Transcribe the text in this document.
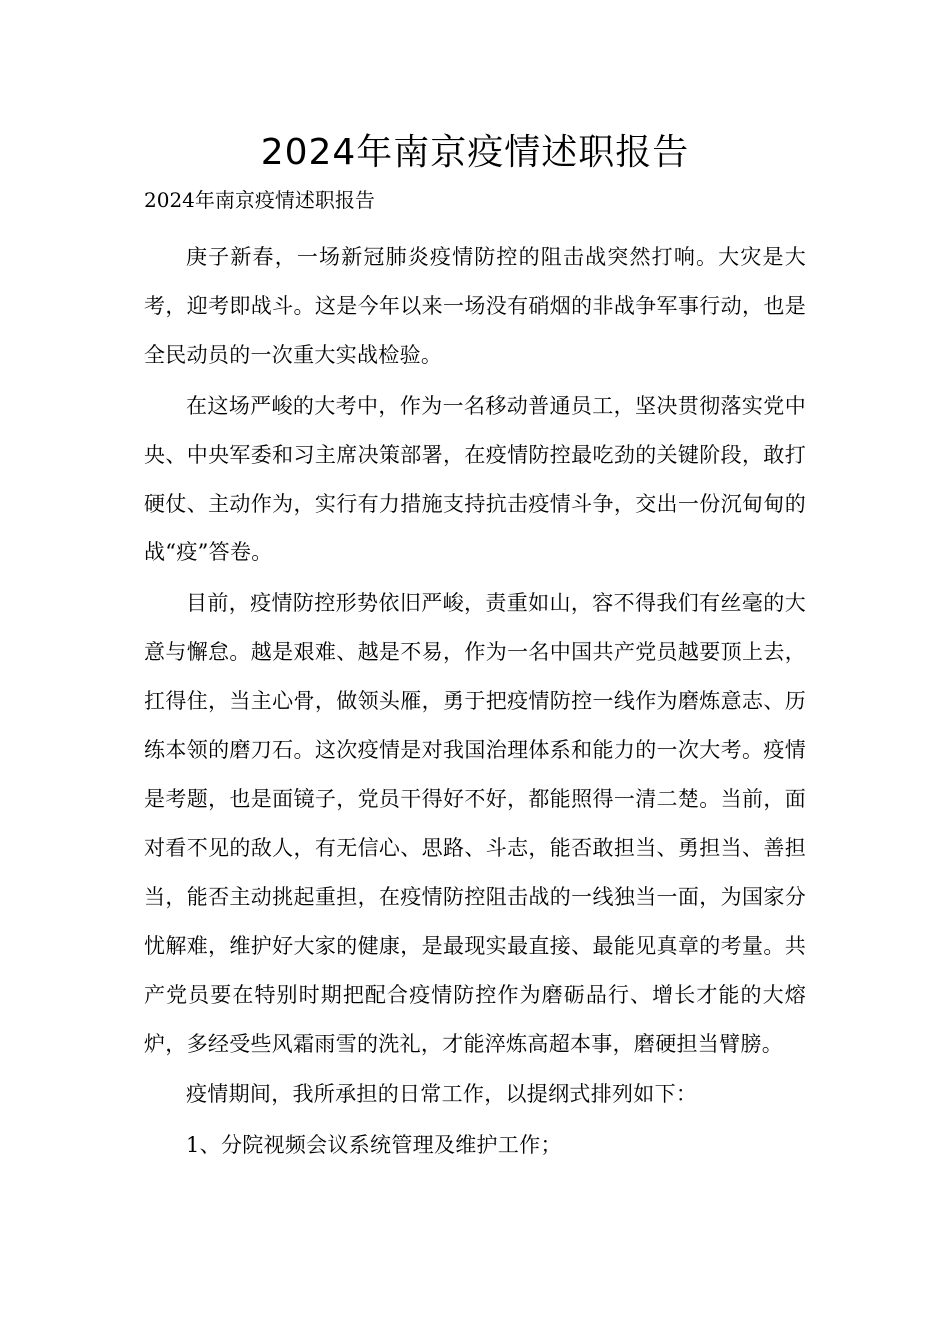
2024年南京疫情述职报告

2024年南京疫情述职报告

庚子新春，一场新冠肺炎疫情防控的阻击战突然打响。大灾是大考，迎考即战斗。这是今年以来一场没有硝烟的非战争军事行动，也是全民动员的一次重大实战检验。

在这场严峻的大考中，作为一名移动普通员工，坚决贯彻落实党中央、中央军委和习主席决策部署，在疫情防控最吃劲的关键阶段，敢打硬仗、主动作为，实行有力措施支持抗击疫情斗争，交出一份沉甸甸的战“疫”答卷。

目前，疫情防控形势依旧严峻，责重如山，容不得我们有丝毫的大意与懈怠。越是艰难、越是不易，作为一名中国共产党员越要顶上去，扛得住，当主心骨，做领头雁，勇于把疫情防控一线作为磨炼意志、历练本领的磨刀石。这次疫情是对我国治理体系和能力的一次大考。疫情是考题，也是面镜子，党员干得好不好，都能照得一清二楚。当前，面对看不见的敌人，有无信心、思路、斗志，能否敢担当、勇担当、善担当，能否主动挑起重担，在疫情防控阻击战的一线独当一面，为国家分忧解难，维护好大家的健康，是最现实最直接、最能见真章的考量。共产党员要在特别时期把配合疫情防控作为磨砺品行、增长才能的大熔炉，多经受些风霜雨雪的洗礼，才能淬炼高超本事，磨硬担当臂膀。

疫情期间，我所承担的日常工作，以提纲式排列如下：

1、分院视频会议系统管理及维护工作；
